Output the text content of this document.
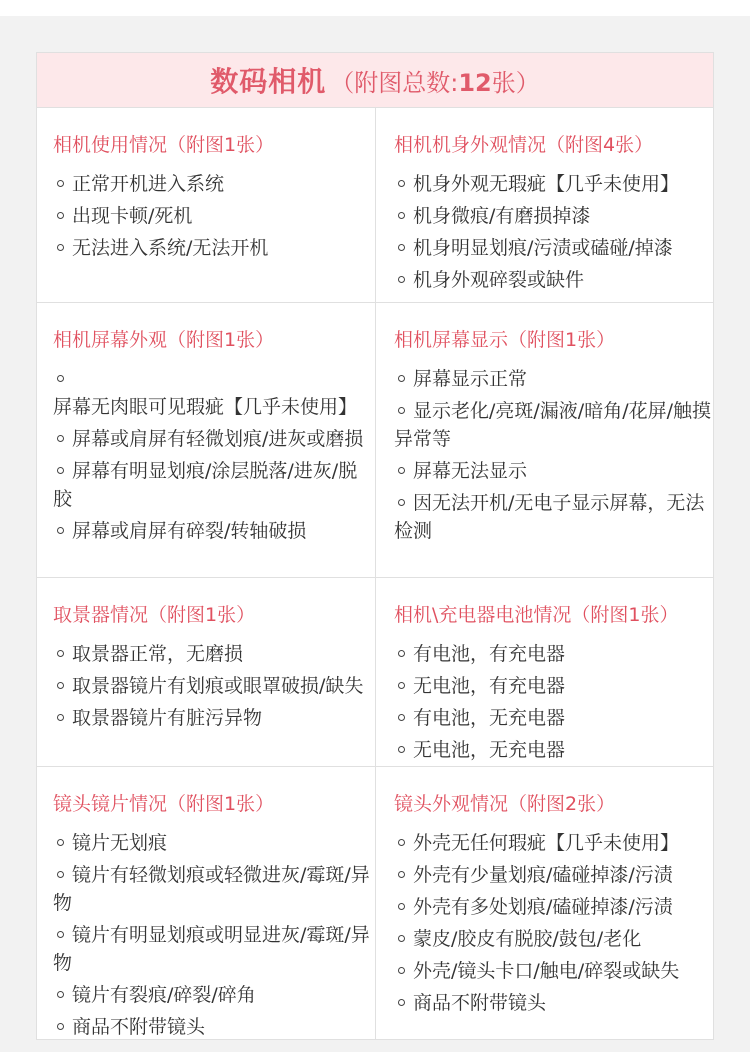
数码相机 （附图总数:12张）
相机使用情况（附图1张）
正常开机进入系统
出现卡顿/死机
无法进入系统/无法开机
相机机身外观情况（附图4张）
机身外观无瑕疵【几乎未使用】
机身微痕/有磨损掉漆
机身明显划痕/污渍或磕碰/掉漆
机身外观碎裂或缺件
相机屏幕外观（附图1张）
屏幕无肉眼可见瑕疵【几乎未使用】
屏幕或肩屏有轻微划痕/进灰或磨损
屏幕有明显划痕/涂层脱落/进灰/脱胶
屏幕或肩屏有碎裂/转轴破损
相机屏幕显示（附图1张）
屏幕显示正常
显示老化/亮斑/漏液/暗角/花屏/触摸异常等
屏幕无法显示
因无法开机/无电子显示屏幕，无法检测
取景器情况（附图1张）
取景器正常，无磨损
取景器镜片有划痕或眼罩破损/缺失
取景器镜片有脏污异物
相机\充电器电池情况（附图1张）
有电池，有充电器
无电池，有充电器
有电池，无充电器
无电池，无充电器
镜头镜片情况（附图1张）
镜片无划痕
镜片有轻微划痕或轻微进灰/霉斑/异物
镜片有明显划痕或明显进灰/霉斑/异物
镜片有裂痕/碎裂/碎角
商品不附带镜头
镜头外观情况（附图2张）
外壳无任何瑕疵【几乎未使用】
外壳有少量划痕/磕碰掉漆/污渍
外壳有多处划痕/磕碰掉漆/污渍
蒙皮/胶皮有脱胶/鼓包/老化
外壳/镜头卡口/触电/碎裂或缺失
商品不附带镜头
